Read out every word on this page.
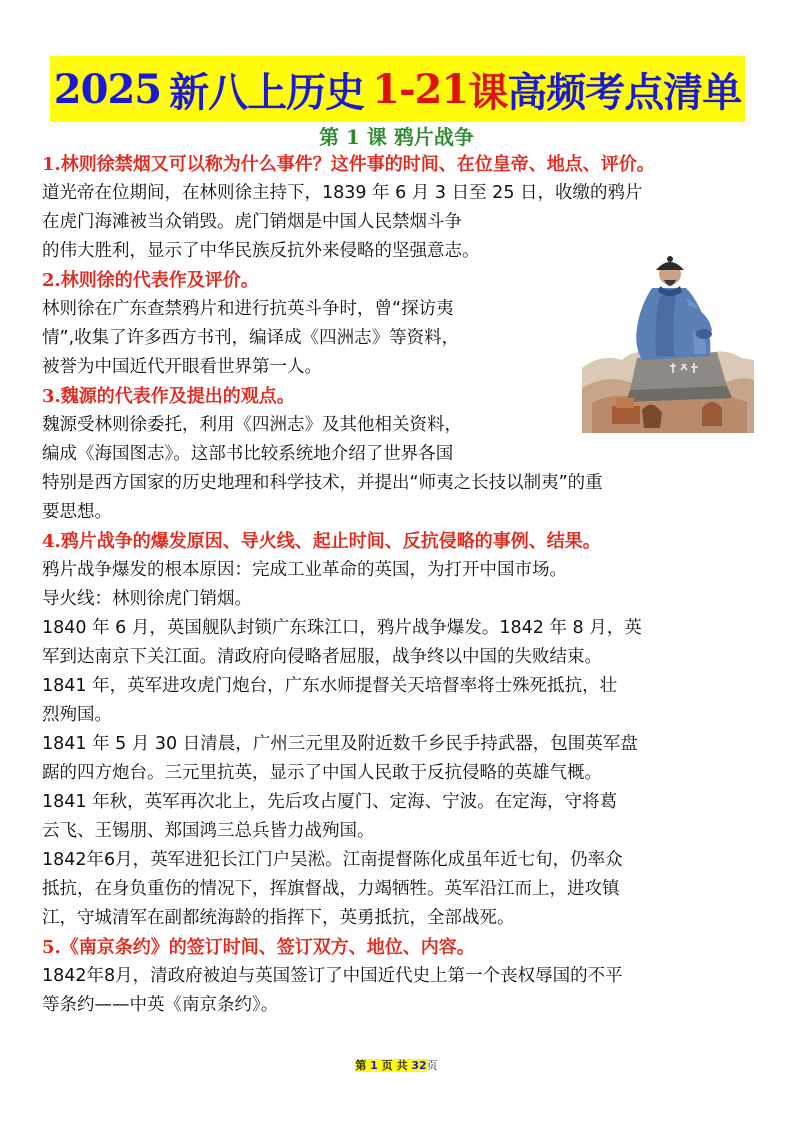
2025 新八上历史 1-21 课 高频考点清单
第 1 课 鸦片战争
1.林则徐禁烟又可以称为什么事件？这件事的时间、在位皇帝、地点、评价。

道光帝在位期间，在林则徐主持下，1839 年 6 月 3 日至 25 日，收缴的鸦片

在虎门海滩被当众销毁。虎门销烟是中国人民禁烟斗争

的伟大胜利，显示了中华民族反抗外来侵略的坚强意志。

2.林则徐的代表作及评价。

林则徐在广东查禁鸦片和进行抗英斗争时，曾“探访夷

情”,收集了许多西方书刊，编译成《四洲志》等资料，

被誉为中国近代开眼看世界第一人。

3.魏源的代表作及提出的观点。

魏源受林则徐委托，利用《四洲志》及其他相关资料，

编成《海国图志》。这部书比较系统地介绍了世界各国

特别是西方国家的历史地理和科学技术，并提出“师夷之长技以制夷”的重

要思想。

4.鸦片战争的爆发原因、导火线、起止时间、反抗侵略的事例、结果。

鸦片战争爆发的根本原因：完成工业革命的英国，为打开中国市场。

导火线：林则徐虎门销烟。

1840 年 6 月，英国舰队封锁广东珠江口，鸦片战争爆发。1842 年 8 月，英

军到达南京下关江面。清政府向侵略者屈服，战争终以中国的失败结束。

1841 年，英军进攻虎门炮台，广东水师提督关天培督率将士殊死抵抗，壮

烈殉国。

1841 年 5 月 30 日清晨，广州三元里及附近数千乡民手持武器，包围英军盘

踞的四方炮台。三元里抗英，显示了中国人民敢于反抗侵略的英雄气概。

1841 年秋，英军再次北上，先后攻占厦门、定海、宁波。在定海，守将葛

云飞、王锡朋、郑国鸿三总兵皆力战殉国。

1842年6月，英军进犯长江门户吴淞。江南提督陈化成虽年近七旬，仍率众

抵抗，在身负重伤的情况下，挥旗督战，力竭牺牲。英军沿江而上，进攻镇

江，守城清军在副都统海龄的指挥下，英勇抵抗，全部战死。

5.《南京条约》的签订时间、签订双方、地位、内容。

1842年8月，清政府被迫与英国签订了中国近代史上第一个丧权辱国的不平

等条约——中英《南京条约》。

第 1 页 共 32页
